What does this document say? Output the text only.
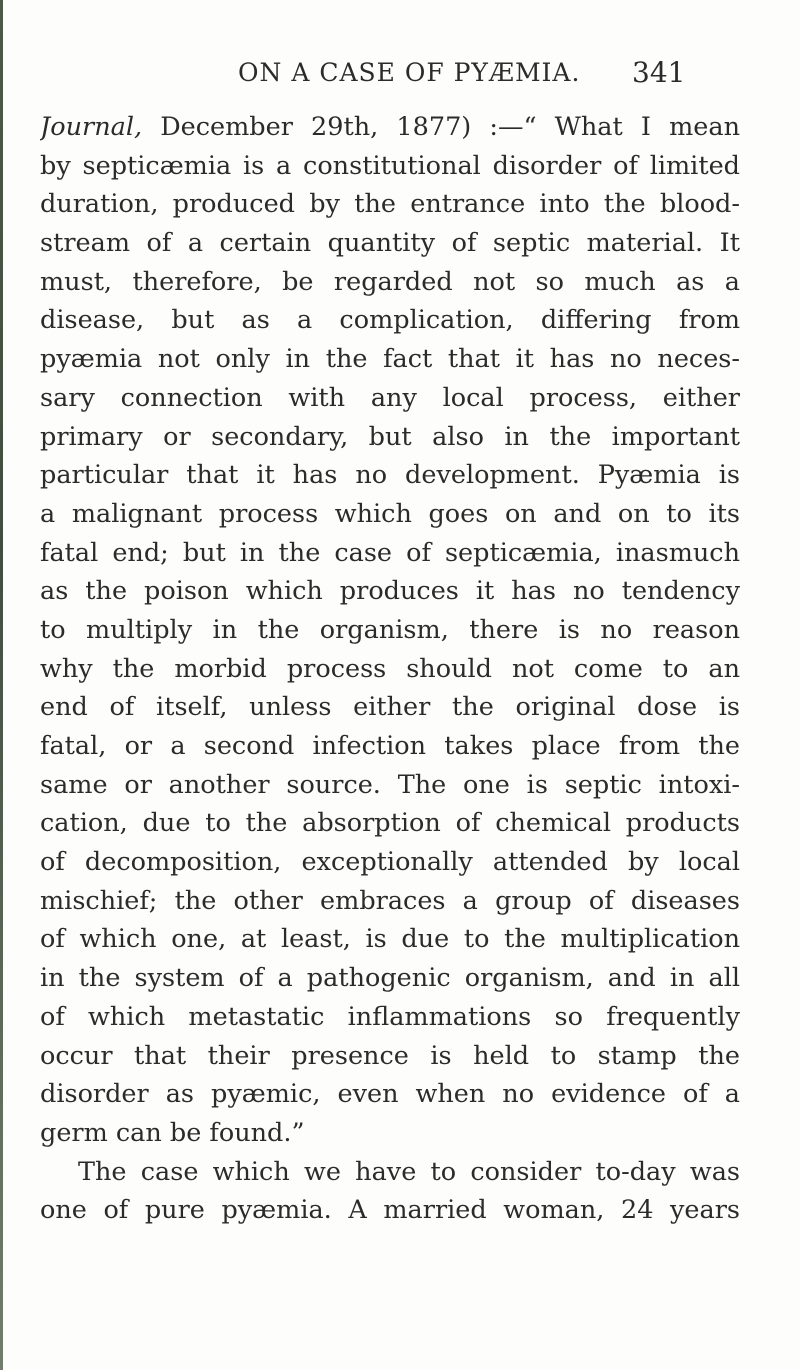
ON A CASE OF PYÆMIA. 341
Journal, December 29th, 1877) :—“ What I mean
by septicæmia is a constitutional disorder of limited
duration, produced by the entrance into the blood-
stream of a certain quantity of septic material. It
must, therefore, be regarded not so much as a
disease, but as a complication, differing from
pyæmia not only in the fact that it has no neces-
sary connection with any local process, either
primary or secondary, but also in the important
particular that it has no development. Pyæmia is
a malignant process which goes on and on to its
fatal end; but in the case of septicæmia, inasmuch
as the poison which produces it has no tendency
to multiply in the organism, there is no reason
why the morbid process should not come to an
end of itself, unless either the original dose is
fatal, or a second infection takes place from the
same or another source. The one is septic intoxi-
cation, due to the absorption of chemical products
of decomposition, exceptionally attended by local
mischief; the other embraces a group of diseases
of which one, at least, is due to the multiplication
in the system of a pathogenic organism, and in all
of which metastatic inflammations so frequently
occur that their presence is held to stamp the
disorder as pyæmic, even when no evidence of a
germ can be found.”
The case which we have to consider to-day was
one of pure pyæmia. A married woman, 24 years
